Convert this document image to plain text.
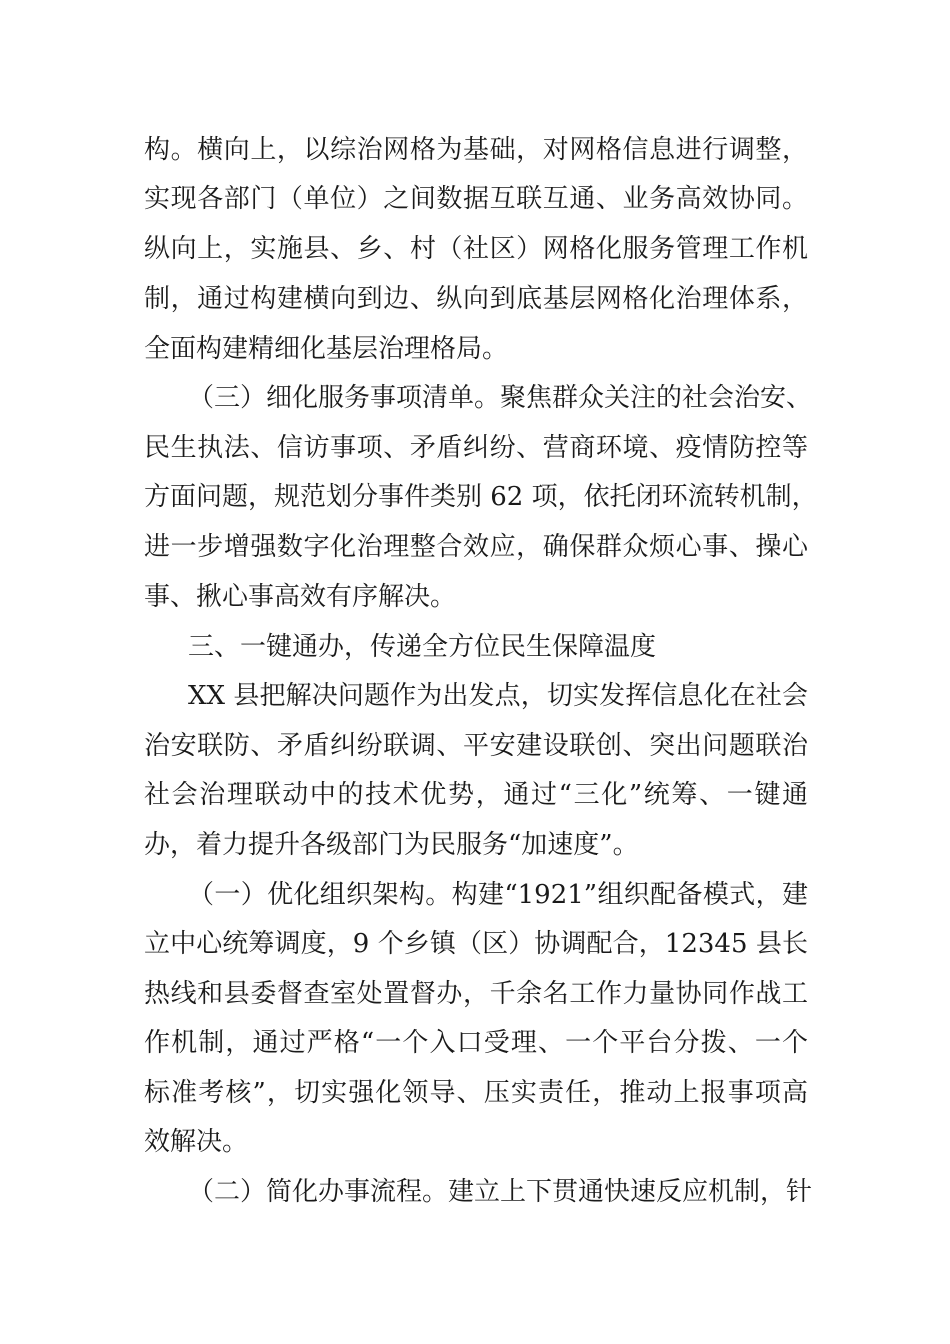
构。横向上，以综治网格为基础，对网格信息进行调整，
实现各部门（单位）之间数据互联互通、业务高效协同。
纵向上，实施县、乡、村（社区）网格化服务管理工作机
制，通过构建横向到边、纵向到底基层网格化治理体系，
全面构建精细化基层治理格局。
（三）细化服务事项清单。聚焦群众关注的社会治安、
民生执法、信访事项、矛盾纠纷、营商环境、疫情防控等
方面问题，规范划分事件类别 62 项，依托闭环流转机制，
进一步增强数字化治理整合效应，确保群众烦心事、操心
事、揪心事高效有序解决。
三、一键通办，传递全方位民生保障温度
XX 县把解决问题作为出发点，切实发挥信息化在社会
治安联防、矛盾纠纷联调、平安建设联创、突出问题联治
社会治理联动中的技术优势，通过“三化”统筹、一键通
办，着力提升各级部门为民服务“加速度”。
（一）优化组织架构。构建“1921”组织配备模式，建
立中心统筹调度，9 个乡镇（区）协调配合，12345 县长
热线和县委督查室处置督办，千余名工作力量协同作战工
作机制，通过严格“一个入口受理、一个平台分拨、一个
标准考核”，切实强化领导、压实责任，推动上报事项高
效解决。
（二）简化办事流程。建立上下贯通快速反应机制，针
